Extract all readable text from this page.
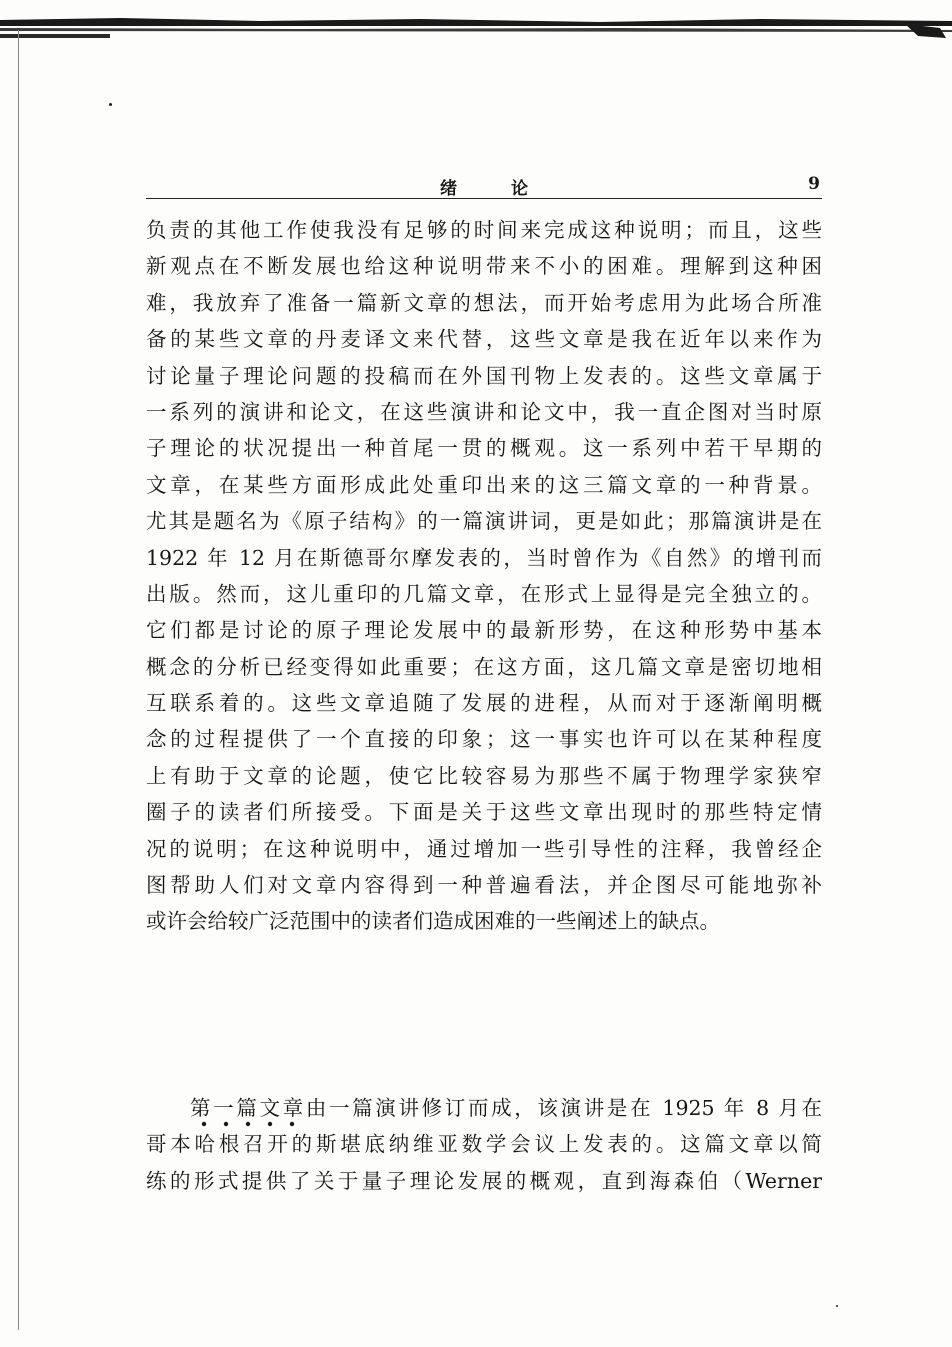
绪 论	9
负责的其他工作使我没有足够的时间来完成这种说明；而且，这些
新观点在不断发展也给这种说明带来不小的困难。理解到这种困
难，我放弃了准备一篇新文章的想法，而开始考虑用为此场合所准
备的某些文章的丹麦译文来代替，这些文章是我在近年以来作为
讨论量子理论问题的投稿而在外国刊物上发表的。这些文章属于
一系列的演讲和论文，在这些演讲和论文中，我一直企图对当时原
子理论的状况提出一种首尾一贯的概观。这一系列中若干早期的
文章，在某些方面形成此处重印出来的这三篇文章的一种背景。
尤其是题名为《原子结构》的一篇演讲词，更是如此；那篇演讲是在
1922 年 12 月在斯德哥尔摩发表的，当时曾作为《自然》的增刊而
出版。然而，这儿重印的几篇文章，在形式上显得是完全独立的。
它们都是讨论的原子理论发展中的最新形势，在这种形势中基本
概念的分析已经变得如此重要；在这方面，这几篇文章是密切地相
互联系着的。这些文章追随了发展的进程，从而对于逐渐阐明概
念的过程提供了一个直接的印象；这一事实也许可以在某种程度
上有助于文章的论题，使它比较容易为那些不属于物理学家狭窄
圈子的读者们所接受。下面是关于这些文章出现时的那些特定情
况的说明；在这种说明中，通过增加一些引导性的注释，我曾经企
图帮助人们对文章内容得到一种普遍看法，并企图尽可能地弥补
或许会给较广泛范围中的读者们造成困难的一些阐述上的缺点。
第一篇文章由一篇演讲修订而成，该演讲是在 1925 年 8 月在
哥本哈根召开的斯堪底纳维亚数学会议上发表的。这篇文章以简
练的形式提供了关于量子理论发展的概观，直到海森伯（Werner
